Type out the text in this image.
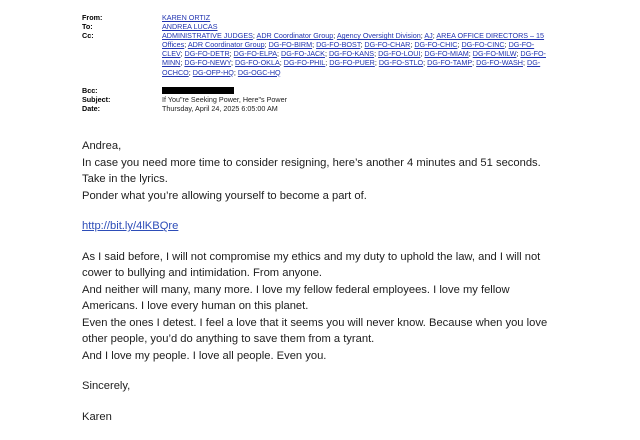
From:	KAREN ORTIZ
To:	ANDREA LUCAS
Cc:	ADMINISTRATIVE JUDGES; ADR Coordinator Group; Agency Oversight Division; AJ; AREA OFFICE DIRECTORS – 15 Offices; ADR Coordinator Group; DG-FO-BIRM; DG-FO-BOST; DG-FO-CHAR; DG-FO-CHIC; DG-FO-CINC; DG-FO-CLEV; DG-FO-DETR; DG-FO-ELPA; DG-FO-JACK; DG-FO-KANS; DG-FO-LOUI; DG-FO-MIAM; DG-FO-MILW; DG-FO-MINN; DG-FO-NEWY; DG-FO-OKLA; DG-FO-PHIL; DG-FO-PUER; DG-FO-STLO; DG-FO-TAMP; DG-FO-WASH; DG-OCHCO; DG-OFP-HQ; DG-OGC-HQ
Bcc:
Subject:	If You"re Seeking Power, Here"s Power
Date:	Thursday, April 24, 2025 6:05:00 AM

Andrea,

In case you need more time to consider resigning, here’s another 4 minutes and 51 seconds.

Take in the lyrics.

Ponder what you’re allowing yourself to become a part of.

http://bit.ly/4lKBQre

As I said before, I will not compromise my ethics and my duty to uphold the law, and I will not

cower to bullying and intimidation. From anyone.

And neither will many, many more. I love my fellow federal employees. I love my fellow

Americans. I love every human on this planet.

Even the ones I detest. I feel a love that it seems you will never know. Because when you love

other people, you’d do anything to save them from a tyrant.

And I love my people. I love all people. Even you.

Sincerely,

Karen
